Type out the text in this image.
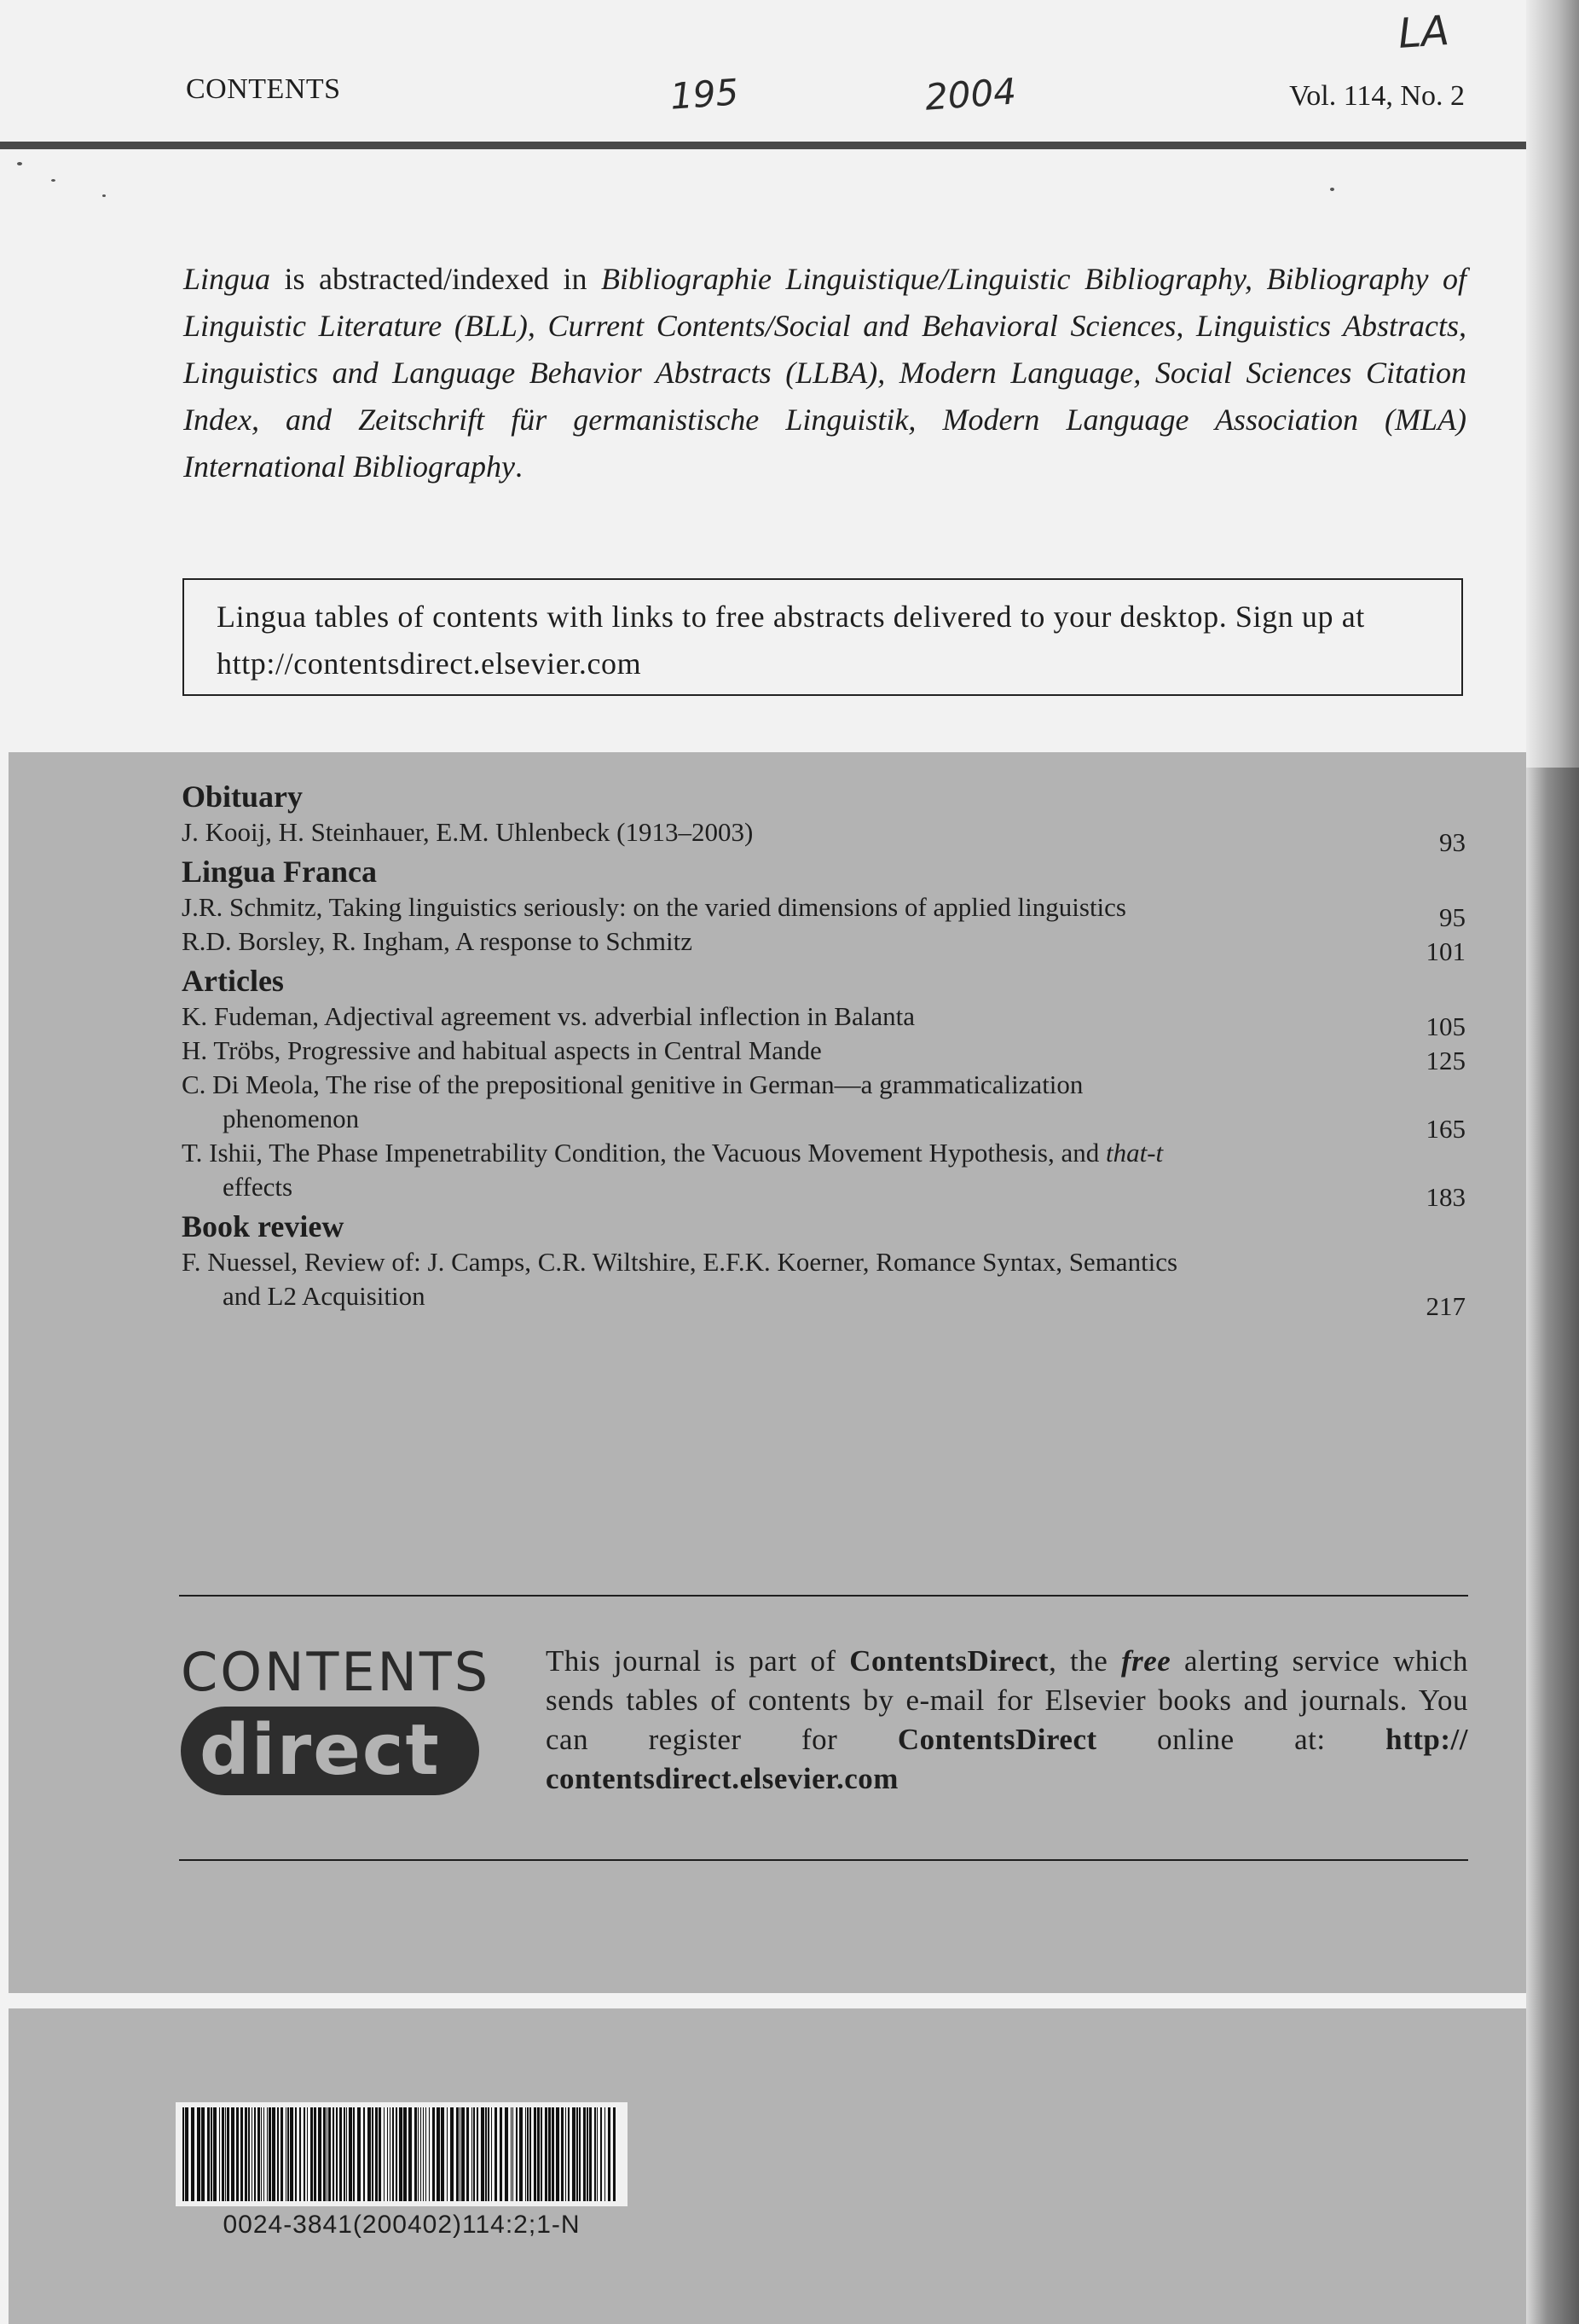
CONTENTS	Vol. 114, No. 2
195	2004
LA
Lingua is abstracted/indexed in Bibliographie Linguistique/Linguistic Bibliography, Bibliography of Linguistic Literature (BLL), Current Contents/Social and Behavioral Sciences, Linguistics Abstracts, Linguistics and Language Behavior Abstracts (LLBA), Modern Language, Social Sciences Citation Index, and Zeitschrift für germanistische Linguistik, Modern Language Association (MLA) International Bibliography.
Lingua tables of contents with links to free abstracts delivered to your desktop. Sign up at http://contentsdirect.elsevier.com
Obituary
J. Kooij, H. Steinhauer, E.M. Uhlenbeck (1913–2003)	93
Lingua Franca
J.R. Schmitz, Taking linguistics seriously: on the varied dimensions of applied linguistics	95
R.D. Borsley, R. Ingham, A response to Schmitz	101
Articles
K. Fudeman, Adjectival agreement vs. adverbial inflection in Balanta	105
H. Tröbs, Progressive and habitual aspects in Central Mande	125
C. Di Meola, The rise of the prepositional genitive in German—a grammaticalization
phenomenon	165
T. Ishii, The Phase Impenetrability Condition, the Vacuous Movement Hypothesis, and that-t
effects	183
Book review
F. Nuessel, Review of: J. Camps, C.R. Wiltshire, E.F.K. Koerner, Romance Syntax, Semantics
and L2 Acquisition	217
CONTENTS
direct
This journal is part of ContentsDirect, the free alerting service which sends tables of contents by e-mail for Elsevier books and journals. You can register for ContentsDirect online at: http:// contentsdirect.elsevier.com
0024-3841(200402)114:2;1-N
